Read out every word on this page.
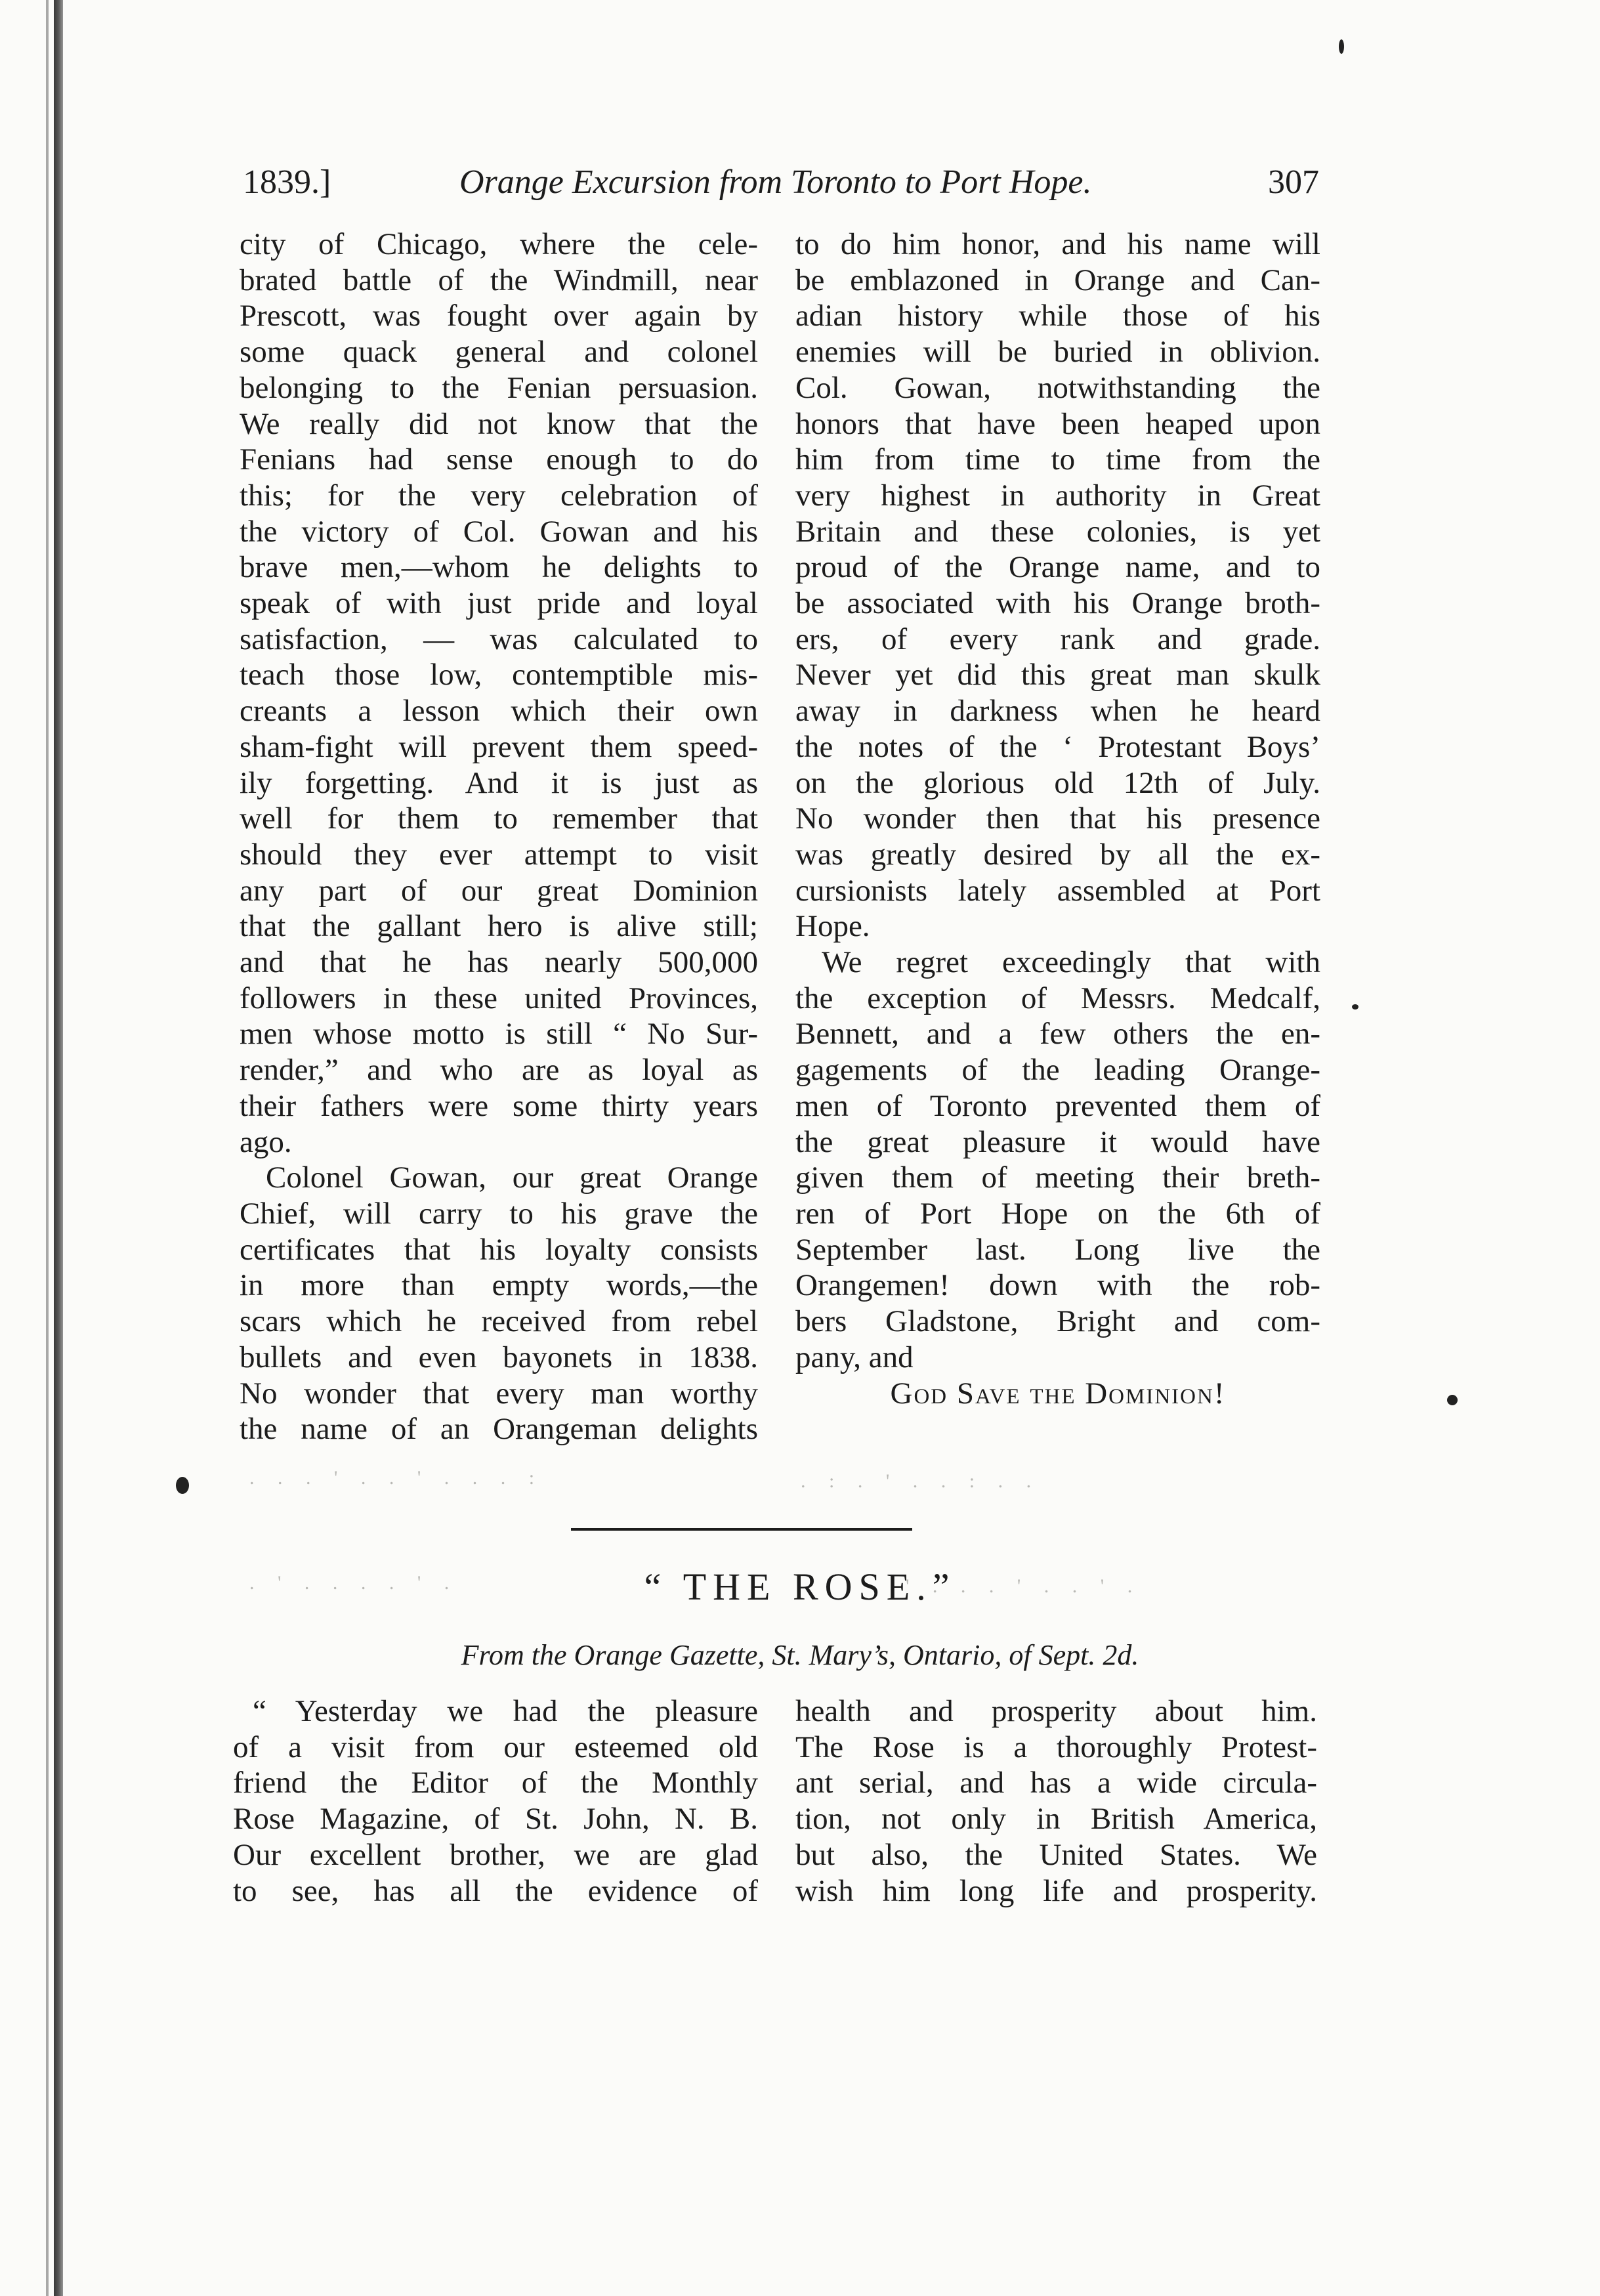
1839.]	Orange Excursion from Toronto to Port Hope.	307
city of Chicago, where the cele-
brated battle of the Windmill, near
Prescott, was fought over again by
some quack general and colonel
belonging to the Fenian persuasion.
We really did not know that the
Fenians had sense enough to do
this; for the very celebration of
the victory of Col. Gowan and his
brave men,—whom he delights to
speak of with just pride and loyal
satisfaction, — was calculated to
teach those low, contemptible mis-
creants a lesson which their own
sham-fight will prevent them speed-
ily forgetting. And it is just as
well for them to remember that
should they ever attempt to visit
any part of our great Dominion
that the gallant hero is alive still;
and that he has nearly 500,000
followers in these united Provinces,
men whose motto is still “ No Sur-
render,” and who are as loyal as
their fathers were some thirty years
ago.
Colonel Gowan, our great Orange
Chief, will carry to his grave the
certificates that his loyalty consists
in more than empty words,—the
scars which he received from rebel
bullets and even bayonets in 1838.
No wonder that every man worthy
the name of an Orangeman delights
to do him honor, and his name will
be emblazoned in Orange and Can-
adian history while those of his
enemies will be buried in oblivion.
Col. Gowan, notwithstanding the
honors that have been heaped upon
him from time to time from the
very highest in authority in Great
Britain and these colonies, is yet
proud of the Orange name, and to
be associated with his Orange broth-
ers, of every rank and grade.
Never yet did this great man skulk
away in darkness when he heard
the notes of the ‘ Protestant Boys’
on the glorious old 12th of July.
No wonder then that his presence
was greatly desired by all the ex-
cursionists lately assembled at Port
Hope.
We regret exceedingly that with
the exception of Messrs. Medcalf,
Bennett, and a few others the en-
gagements of the leading Orange-
men of Toronto prevented them of
the great pleasure it would have
given them of meeting their breth-
ren of Port Hope on the 6th of
September last. Long live the
Orangemen! down with the rob-
bers Gladstone, Bright and com-
pany, and
God Save the Dominion!
. . . ' . . ' . . . :	. : . ' . . : . .
. ' . . . . ' .	' . . . ' . . ' .
“ THE ROSE.”
From the Orange Gazette, St. Mary’s, Ontario, of Sept. 2d.
“ Yesterday we had the pleasure
of a visit from our esteemed old
friend the Editor of the Monthly
Rose Magazine, of St. John, N. B.
Our excellent brother, we are glad
to see, has all the evidence of
health and prosperity about him.
The Rose is a thoroughly Protest-
ant serial, and has a wide circula-
tion, not only in British America,
but also, the United States. We
wish him long life and prosperity.
